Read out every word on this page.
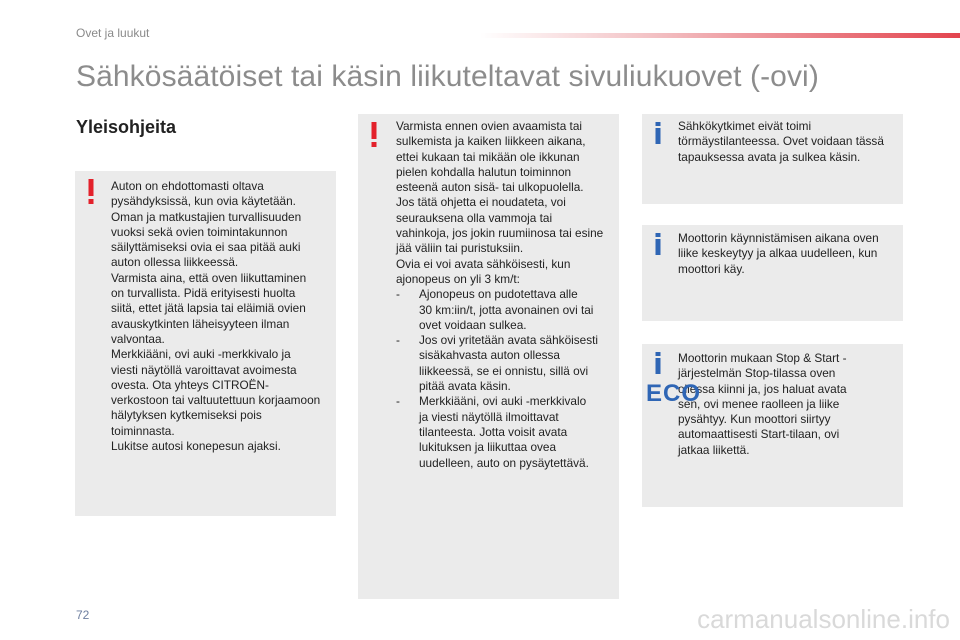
Ovet ja luukut
Sähkösäätöiset tai käsin liikuteltavat sivuliukuovet (-ovi)
Yleisohjeita

Auton on ehdottomasti oltava

pysähdyksissä, kun ovia käytetään.

Oman ja matkustajien turvallisuuden

vuoksi sekä ovien toimintakunnon

säilyttämiseksi ovia ei saa pitää auki

auton ollessa liikkeessä.

Varmista aina, että oven liikuttaminen

on turvallista. Pidä erityisesti huolta

siitä, ettet jätä lapsia tai eläimiä ovien

avauskytkinten läheisyyteen ilman

valvontaa.

Merkkiääni, ovi auki -merkkivalo ja

viesti näytöllä varoittavat avoimesta

ovesta. Ota yhteys CITROËN-

verkostoon tai valtuutettuun korjaamoon

hälytyksen kytkemiseksi pois

toiminnasta.

Lukitse autosi konepesun ajaksi.

Varmista ennen ovien avaamista tai

sulkemista ja kaiken liikkeen aikana,

ettei kukaan tai mikään ole ikkunan

pielen kohdalla halutun toiminnon

esteenä auton sisä- tai ulkopuolella.

Jos tätä ohjetta ei noudateta, voi

seurauksena olla vammoja tai

vahinkoja, jos jokin ruumiinosa tai esine

jää väliin tai puristuksiin.

Ovia ei voi avata sähköisesti, kun

ajonopeus on yli 3 km/t:

- Ajonopeus on pudotettava alle

30 km:iin/t, jotta avonainen ovi tai

ovet voidaan sulkea.

- Jos ovi yritetään avata sähköisesti

sisäkahvasta auton ollessa

liikkeessä, se ei onnistu, sillä ovi

pitää avata käsin.

- Merkkiääni, ovi auki -merkkivalo

ja viesti näytöllä ilmoittavat

tilanteesta. Jotta voisit avata

lukituksen ja liikuttaa ovea

uudelleen, auto on pysäytettävä.

Sähkökytkimet eivät toimi

törmäystilanteessa. Ovet voidaan tässä

tapauksessa avata ja sulkea käsin.

Moottorin käynnistämisen aikana oven

liike keskeytyy ja alkaa uudelleen, kun

moottori käy.

Moottorin mukaan Stop & Start -

järjestelmän Stop-tilassa oven

ollessa kiinni ja, jos haluat avata

sen, ovi menee raolleen ja liike

pysähtyy. Kun moottori siirtyy

automaattisesti Start-tilaan, ovi

jatkaa liikettä.

ECO
72	carmanualsonline.info
